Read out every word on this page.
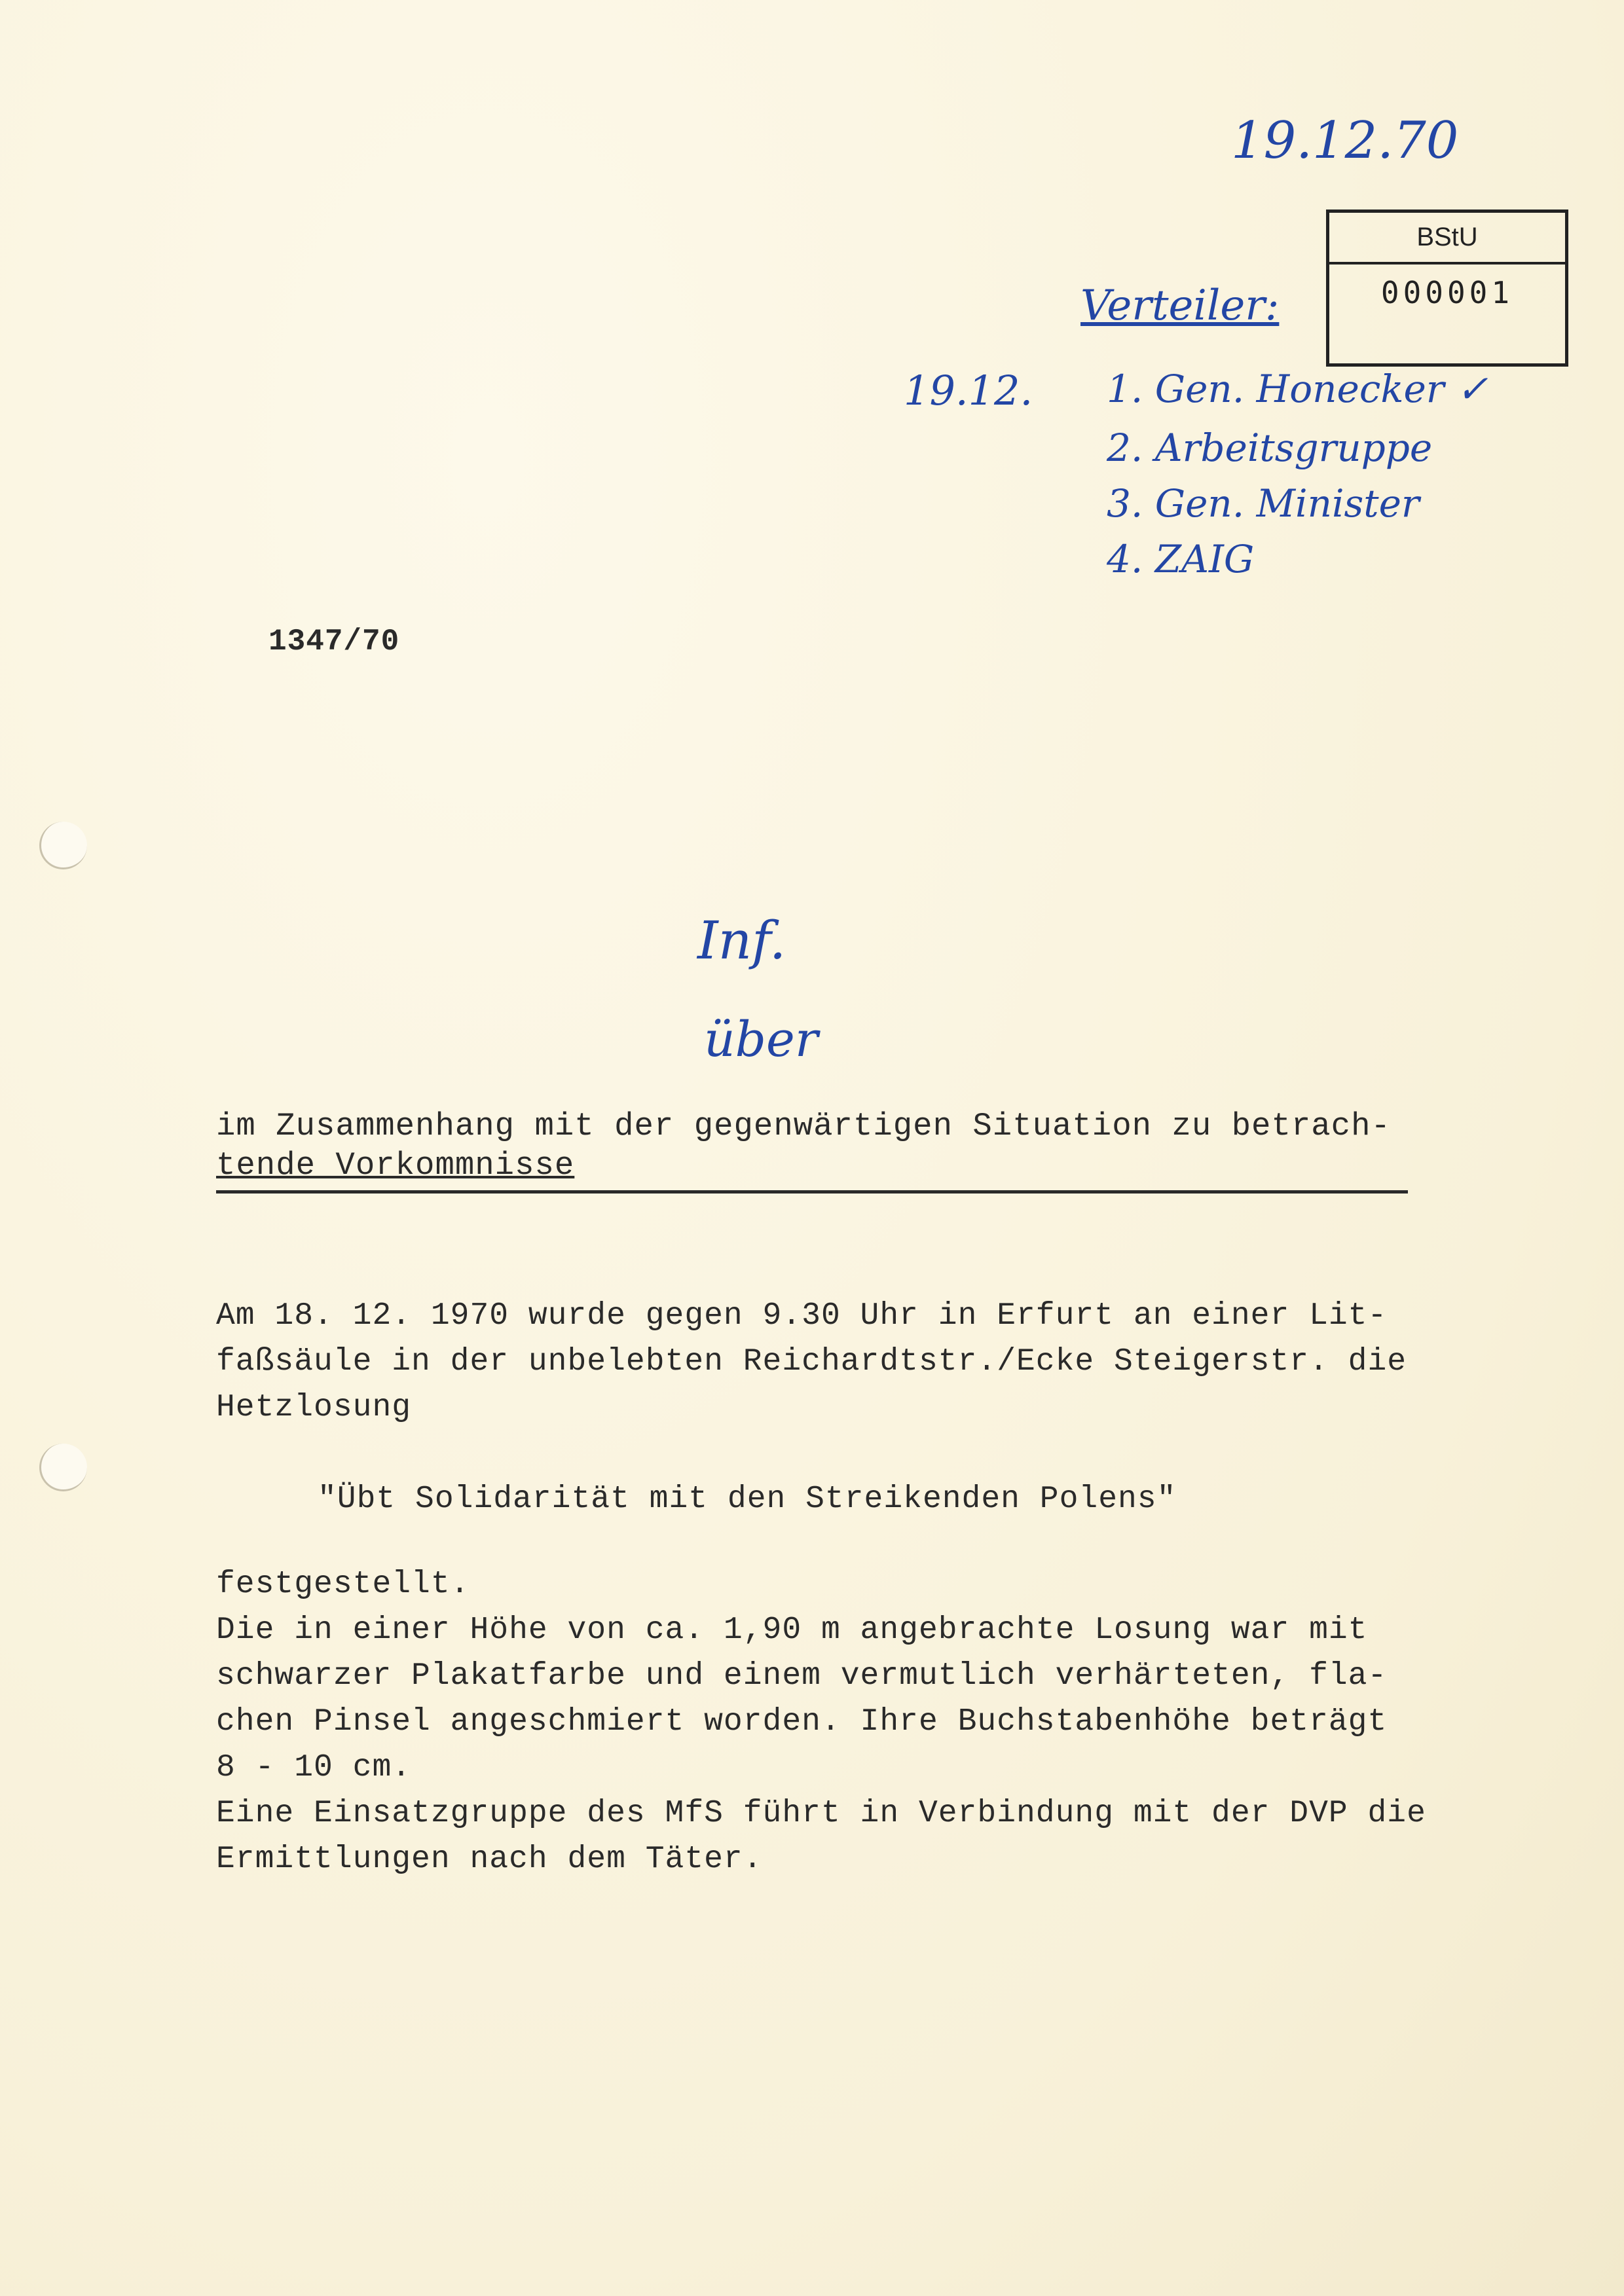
19.12.70
BStU
000001
Verteiler:
19.12. 1. Gen. Honecker ✓
2. Arbeitsgruppe
3. Gen. Minister
4. ZAIG
1347/70
Inf.
über
im Zusammenhang mit der gegenwärtigen Situation zu betrach-
tende Vorkommnisse
Am 18. 12. 1970 wurde gegen 9.30 Uhr in Erfurt an einer Lit-
faßsäule in der unbelebten Reichardtstr./Ecke Steigerstr. die
Hetzlosung
"Übt Solidarität mit den Streikenden Polens"
festgestellt.
Die in einer Höhe von ca. 1,90 m angebrachte Losung war mit
schwarzer Plakatfarbe und einem vermutlich verhärteten, fla-
chen Pinsel angeschmiert worden. Ihre Buchstabenhöhe beträgt
8 - 10 cm.
Eine Einsatzgruppe des MfS führt in Verbindung mit der DVP die
Ermittlungen nach dem Täter.
